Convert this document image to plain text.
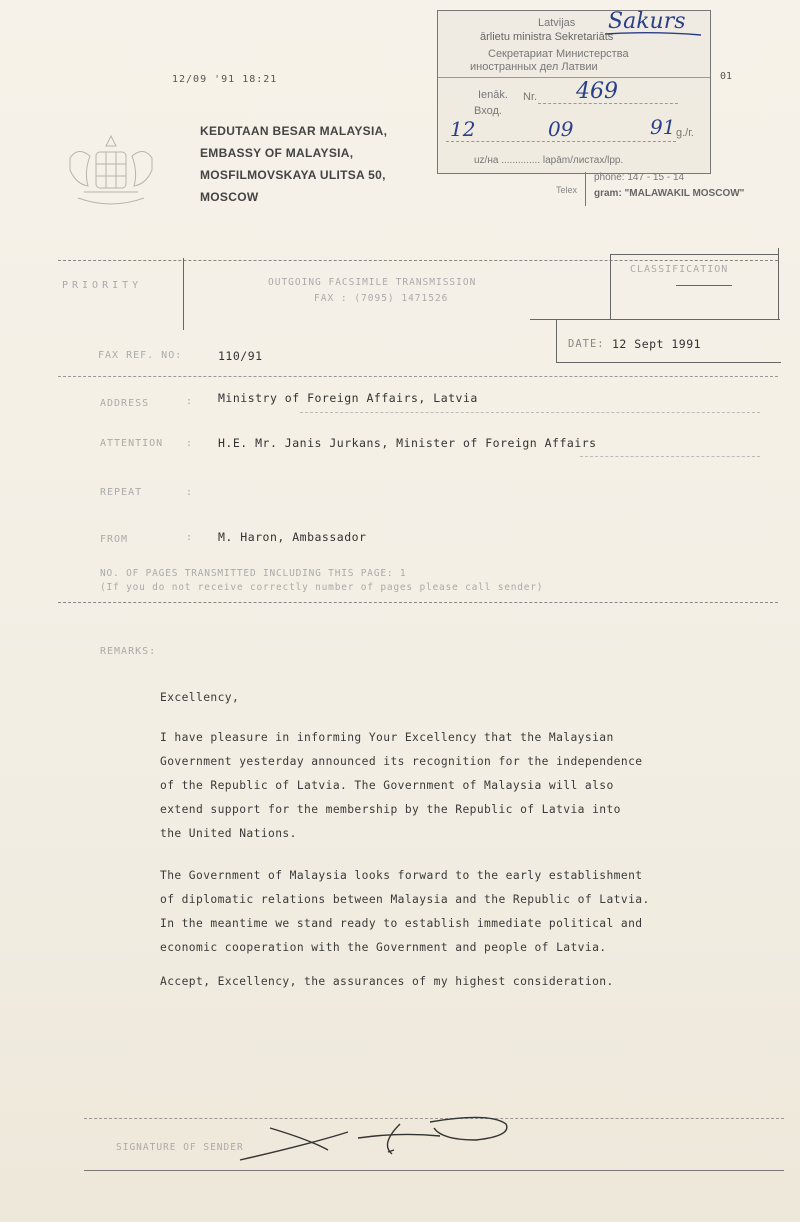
12/09 '91 18:21	01
Latvijas Sakurs
ārlietu ministra Sekretariāts
Секретариат Министерства
иностранных дел Латвии
Ienāk. Nr.
Вход.
469
12	09	91 g./г.
uz/на .............. lapām/листах/lpp.
KEDUTAAN BESAR MALAYSIA,
EMBASSY OF MALAYSIA,
MOSFILMOVSKAYA ULITSA 50,
MOSCOW	Telex
phone: 147 - 15 - 14
gram: "MALAWAKIL MOSCOW"
PRIORITY	OUTGOING FACSIMILE TRANSMISSION
FAX : (7095) 1471526
CLASSIFICATION
FAX REF. NO:	110/91
DATE: 12 Sept 1991
ADDRESS	: Ministry of Foreign Affairs, Latvia
ATTENTION : H.E. Mr. Janis Jurkans, Minister of Foreign Affairs
REPEAT	:
FROM	: M. Haron, Ambassador
NO. OF PAGES TRANSMITTED INCLUDING THIS PAGE: 1
(If you do not receive correctly number of pages please call sender)
REMARKS:
Excellency,
I have pleasure in informing Your Excellency that the Malaysian
Government yesterday announced its recognition for the independence
of the Republic of Latvia. The Government of Malaysia will also
extend support for the membership by the Republic of Latvia into
the United Nations.
The Government of Malaysia looks forward to the early establishment
of diplomatic relations between Malaysia and the Republic of Latvia.
In the meantime we stand ready to establish immediate political and
economic cooperation with the Government and people of Latvia.
Accept, Excellency, the assurances of my highest consideration.
SIGNATURE OF SENDER
